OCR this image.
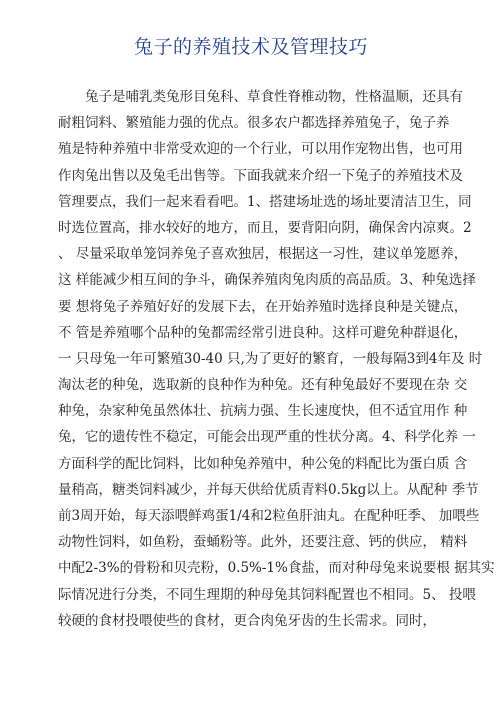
兔子的养殖技术及管理技巧
兔子是哺乳类兔形目兔科、草食性脊椎动物，性格温顺，还具有
耐粗饲料、繁殖能力强的优点。很多农户都选择养殖兔子，兔子养
殖是特种养殖中非常受欢迎的一个行业，可以用作宠物出售，也可用
作肉兔出售以及兔毛出售等。下面我就来介绍一下兔子的养殖技术及
管理要点，我们一起来看看吧。1、搭建场址选的场址要清洁卫生，同
时选位置高，排水较好的地方，而且，要背阳向阴，确保舍内凉爽。2
、 尽量采取单笼饲养兔子喜欢独居，根据这一习性，建议单笼愿养，
这 样能减少相互间的争斗，确保养殖肉兔肉质的高品质。3、种兔选择
要 想将兔子养殖好好的发展下去，在开始养殖时选择良种是关键点，
不 管是养殖哪个品种的兔都需经常引进良种。这样可避免种群退化，
一 只母兔一年可繁殖30-40 只,为了更好的繁育，一般每隔3到4年及 时
淘汰老的种兔，选取新的良种作为种兔。还有种兔最好不要现在杂 交
种兔，杂家种兔虽然体壮、抗病力强、生长速度快，但不适宜用作 种
兔，它的遗传性不稳定，可能会出现严重的性状分离。4、科学化养 一
方面科学的配比饲料，比如种兔养殖中，种公兔的料配比为蛋白质 含
量稍高，糖类饲料减少，并每天供给优质青料0.5kg以上。从配种 季节
前3周开始，每天添喂鲜鸡蛋1/4和2粒鱼肝油丸。在配种旺季、 加喂些
动物性饲料，如鱼粉，蚕蛹粉等。此外，还要注意、钙的供应， 精料
中配2-3%的骨粉和贝壳粉，0.5%-1%食盐，而对种母兔来说要根 据其实
际情况进行分类，不同生理期的种母兔其饲料配置也不相同。5、 投喂
较硬的食材投喂使些的食材，更合肉兔牙齿的生长需求。同时，
